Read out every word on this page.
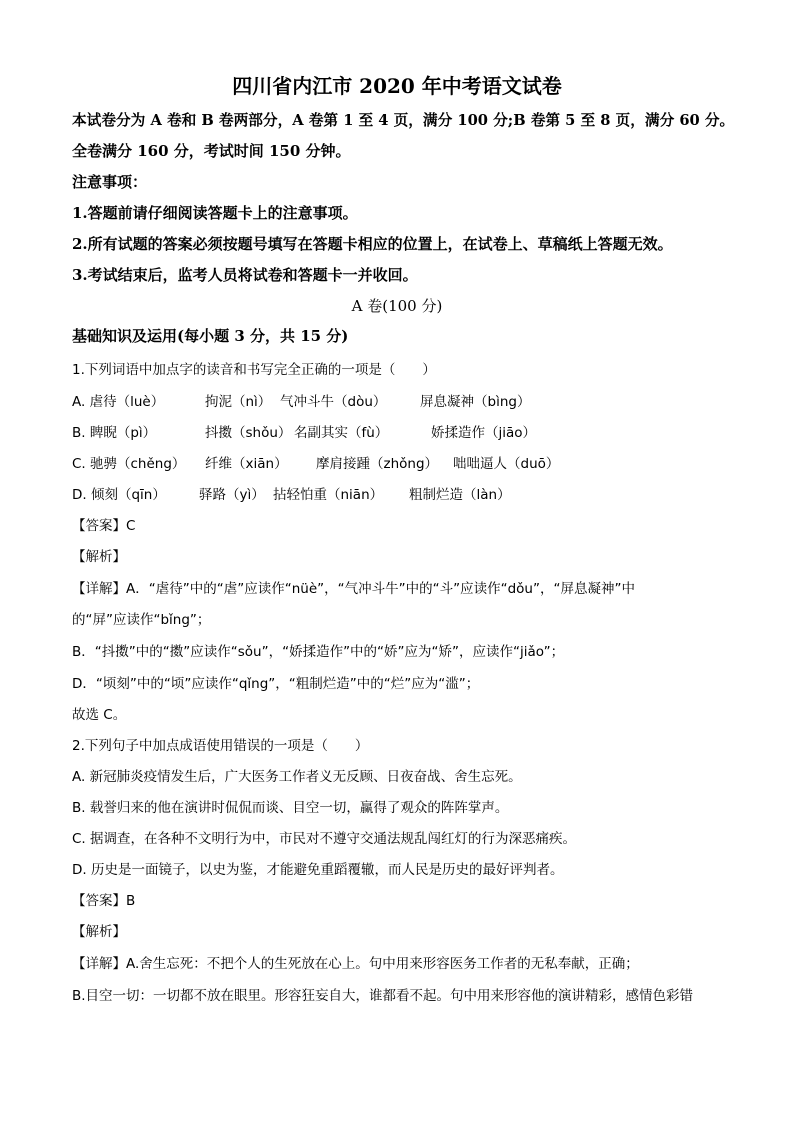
四川省内江市 2020 年中考语文试卷
本试卷分为 A 卷和 B 卷两部分，A 卷第 1 至 4 页，满分 100 分;B 卷第 5 至 8 页，满分 60 分。
全卷满分 160 分，考试时间 150 分钟。
注意事项：
1.答题前请仔细阅读答题卡上的注意事项。
2.所有试题的答案必须按题号填写在答题卡相应的位置上，在试卷上、草稿纸上答题无效。
3.考试结束后，监考人员将试卷和答题卡一并收回。
A 卷(100 分)
基础知识及运用(每小题 3 分，共 15 分)
1.下列词语中加点字的读音和书写完全正确的一项是（　　）
A. 虐待（luè）	拘泥（nì） 气冲斗牛（dòu） 屏息凝神（bìng）
B. 睥睨（pì）	抖擞（shǒu） 名副其实（fù）	娇揉造作（jiāo）
C. 驰骋（chěng） 纤维（xiān） 摩肩接踵（zhǒng） 咄咄逼人（duō）
D. 倾刻（qīn） 驿路（yì） 拈轻怕重（niān） 粗制烂造（làn）
【答案】C
【解析】
【详解】A．“虐待”中的“虐”应读作“nüè”，“气冲斗牛”中的“斗”应读作“dǒu”，“屏息凝神”中
的“屏”应读作“bǐng”；
B．“抖擞”中的“擞”应读作“sǒu”，“娇揉造作”中的“娇”应为“矫”，应读作“jiǎo”；
D．“顷刻”中的“顷”应读作“qǐng”，“粗制烂造”中的“烂”应为“滥”；
故选 C。
2.下列句子中加点成语使用错误的一项是（　　）
A. 新冠肺炎疫情发生后，广大医务工作者义无反顾、日夜奋战、舍生忘死。
B. 载誉归来的他在演讲时侃侃而谈、目空一切，赢得了观众的阵阵掌声。
C. 据调查，在各种不文明行为中，市民对不遵守交通法规乱闯红灯的行为深恶痛疾。
D. 历史是一面镜子，以史为鉴，才能避免重蹈覆辙，而人民是历史的最好评判者。
【答案】B
【解析】
【详解】A.舍生忘死：不把个人的生死放在心上。句中用来形容医务工作者的无私奉献，正确；
B.目空一切：一切都不放在眼里。形容狂妄自大，谁都看不起。句中用来形容他的演讲精彩，感情色彩错
